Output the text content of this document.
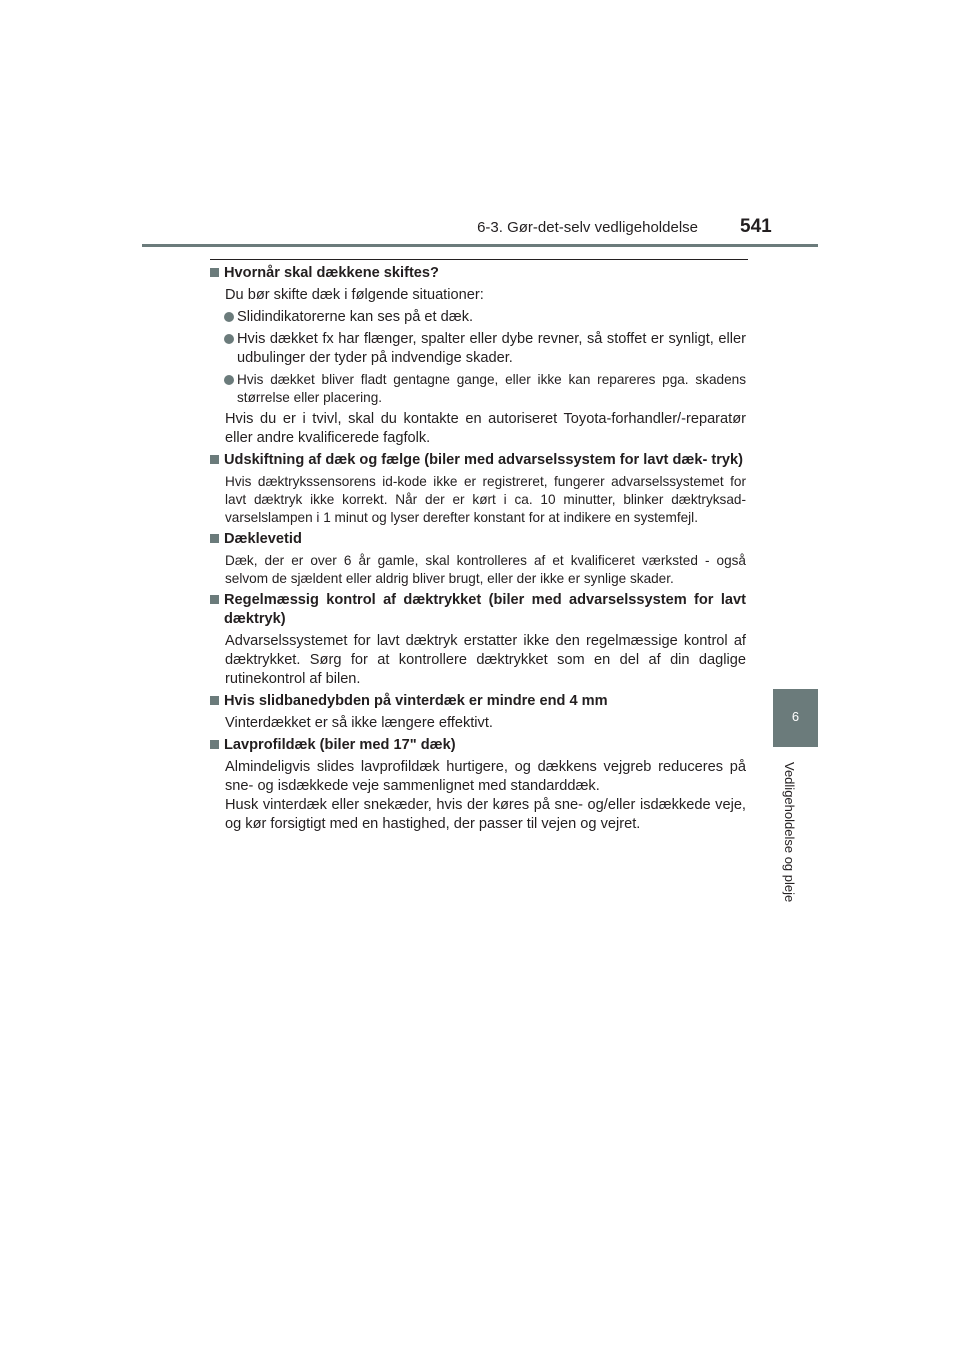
6-3. Gør-det-selv vedligeholdelse 541
Hvornår skal dækkene skiftes?

Du bør skifte dæk i følgende situationer:

Slidindikatorerne kan ses på et dæk.
Hvis dækket fx har flænger, spalter eller dybe revner, så stoffet er synligt, eller udbulinger der tyder på indvendige skader.
Hvis dækket bliver fladt gentagne gange, eller ikke kan repareres pga. skadens størrelse eller placering.

Hvis du er i tvivl, skal du kontakte en autoriseret Toyota-forhandler/-reparatør eller andre kvalificerede fagfolk.

Udskiftning af dæk og fælge (biler med advarselssystem for lavt dæk- tryk)

Hvis dæktrykssensorens id-kode ikke er registreret, fungerer advarselssystemet for lavt dæktryk ikke korrekt. Når der er kørt i ca. 10 minutter, blinker dæktryksad- varselslampen i 1 minut og lyser derefter konstant for at indikere en systemfejl.

Dæklevetid

Dæk, der er over 6 år gamle, skal kontrolleres af et kvalificeret værksted - også selvom de sjældent eller aldrig bliver brugt, eller der ikke er synlige skader.

Regelmæssig kontrol af dæktrykket (biler med advarselssystem for lavt dæktryk)

Advarselssystemet for lavt dæktryk erstatter ikke den regelmæssige kontrol af dæktrykket. Sørg for at kontrollere dæktrykket som en del af din daglige rutinekontrol af bilen.

Hvis slidbanedybden på vinterdæk er mindre end 4 mm

Vinterdækket er så ikke længere effektivt.

Lavprofildæk (biler med 17" dæk)

Almindeligvis slides lavprofildæk hurtigere, og dækkens vejgreb reduceres på sne- og isdækkede veje sammenlignet med standarddæk.

Husk vinterdæk eller snekæder, hvis der køres på sne- og/eller isdækkede veje, og kør forsigtigt med en hastighed, der passer til vejen og vejret.

6
Vedligeholdelse og pleje
